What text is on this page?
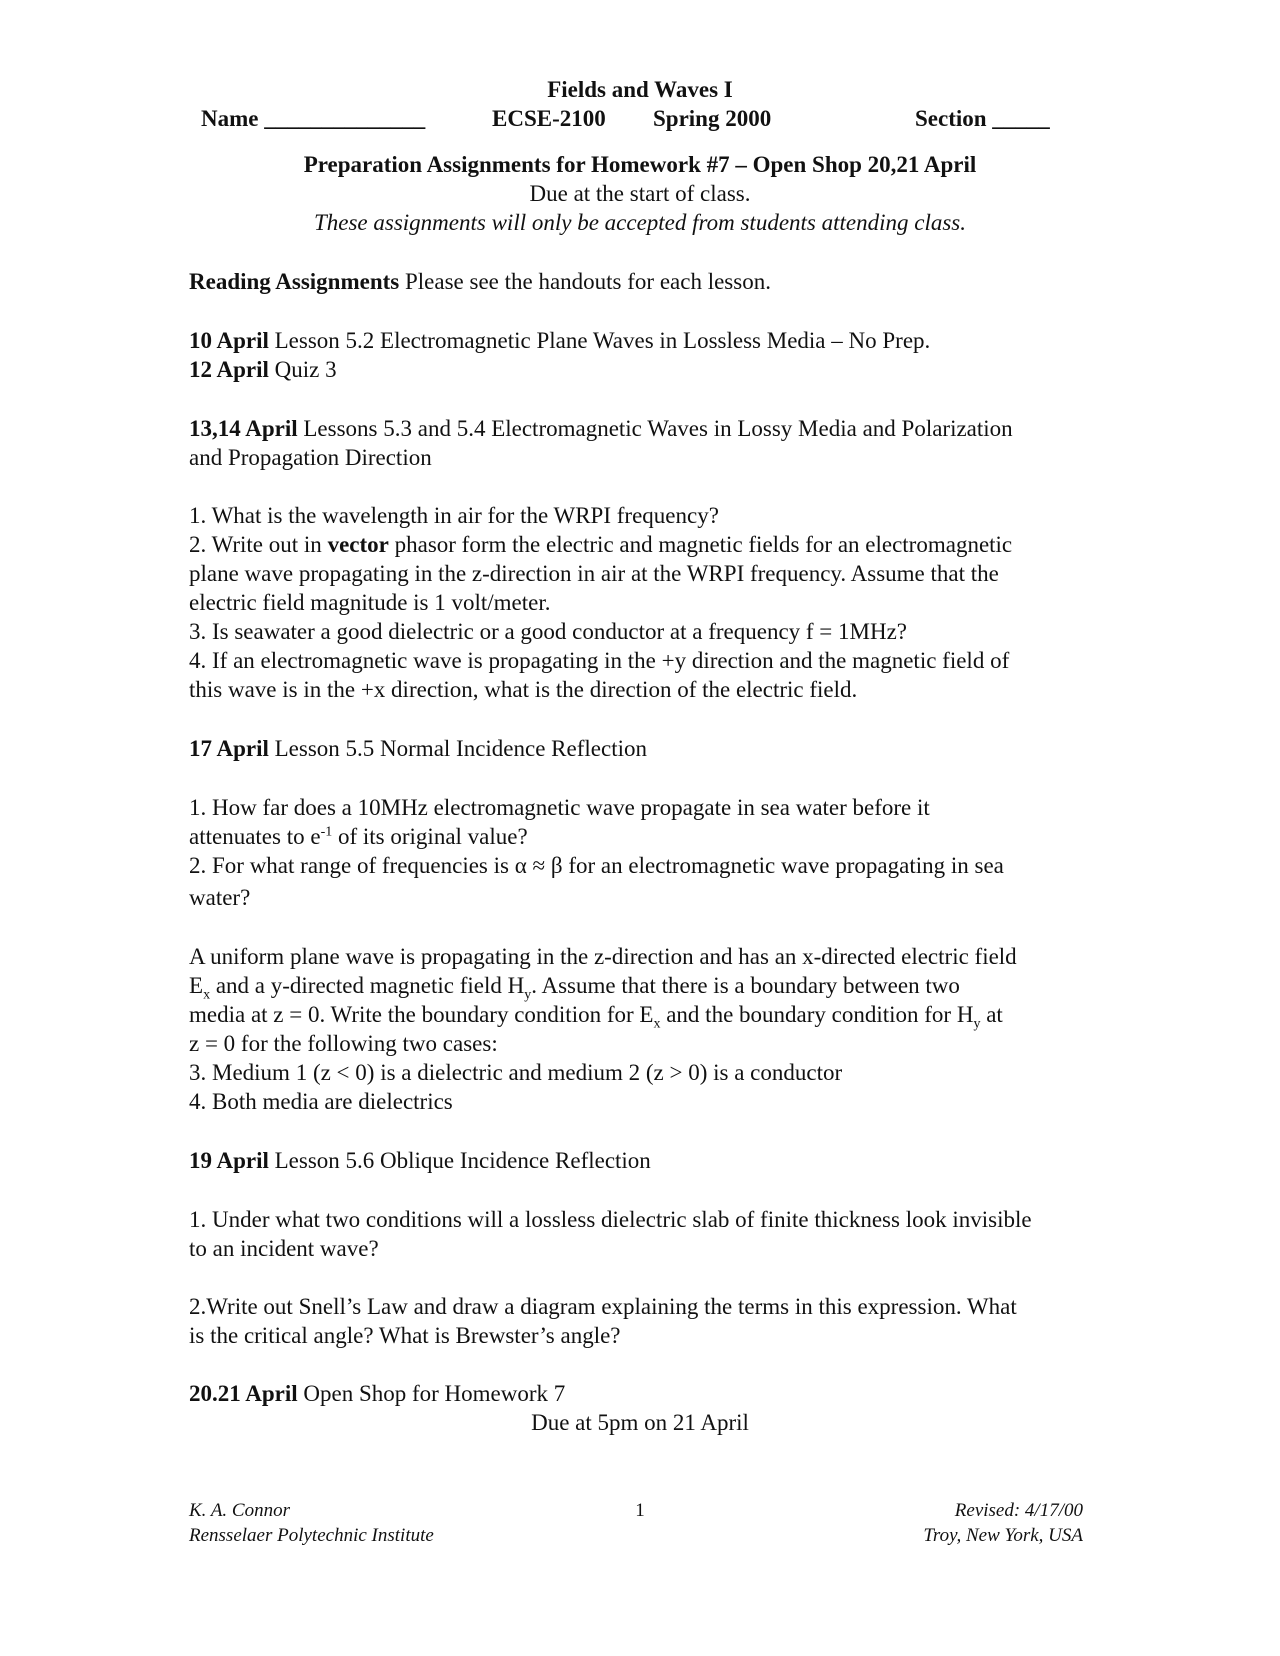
Fields and Waves I
Name ______________	ECSE-2100 Spring 2000	Section _____
Preparation Assignments for Homework #7 – Open Shop 20,21 April
Due at the start of class.
These assignments will only be accepted from students attending class.
Reading Assignments Please see the handouts for each lesson.
10 April Lesson 5.2 Electromagnetic Plane Waves in Lossless Media – No Prep.
12 April Quiz 3
13,14 April Lessons 5.3 and 5.4 Electromagnetic Waves in Lossy Media and Polarization
and Propagation Direction
1. What is the wavelength in air for the WRPI frequency?
2. Write out in vector phasor form the electric and magnetic fields for an electromagnetic
plane wave propagating in the z-direction in air at the WRPI frequency. Assume that the
electric field magnitude is 1 volt/meter.
3. Is seawater a good dielectric or a good conductor at a frequency f = 1MHz?
4. If an electromagnetic wave is propagating in the +y direction and the magnetic field of
this wave is in the +x direction, what is the direction of the electric field.
17 April Lesson 5.5 Normal Incidence Reflection
1. How far does a 10MHz electromagnetic wave propagate in sea water before it
attenuates to $e^{-1}$ of its original value?
2. For what range of frequencies is α ≈ β for an electromagnetic wave propagating in sea
water?
A uniform plane wave is propagating in the z-direction and has an x-directed electric field
$E_x$ and a y-directed magnetic field $H_y$. Assume that there is a boundary between two
media at z = 0. Write the boundary condition for $E_x$ and the boundary condition for $H_y$ at
z = 0 for the following two cases:
3. Medium 1 (z < 0) is a dielectric and medium 2 (z > 0) is a conductor
4. Both media are dielectrics
19 April Lesson 5.6 Oblique Incidence Reflection
1. Under what two conditions will a lossless dielectric slab of finite thickness look invisible
to an incident wave?
2.Write out Snell’s Law and draw a diagram explaining the terms in this expression. What
is the critical angle? What is Brewster’s angle?
20.21 April Open Shop for Homework 7
Due at 5pm on 21 April
K. A. Connor
Rensselaer Polytechnic Institute
1	Revised: 4/17/00
Troy, New York, USA
